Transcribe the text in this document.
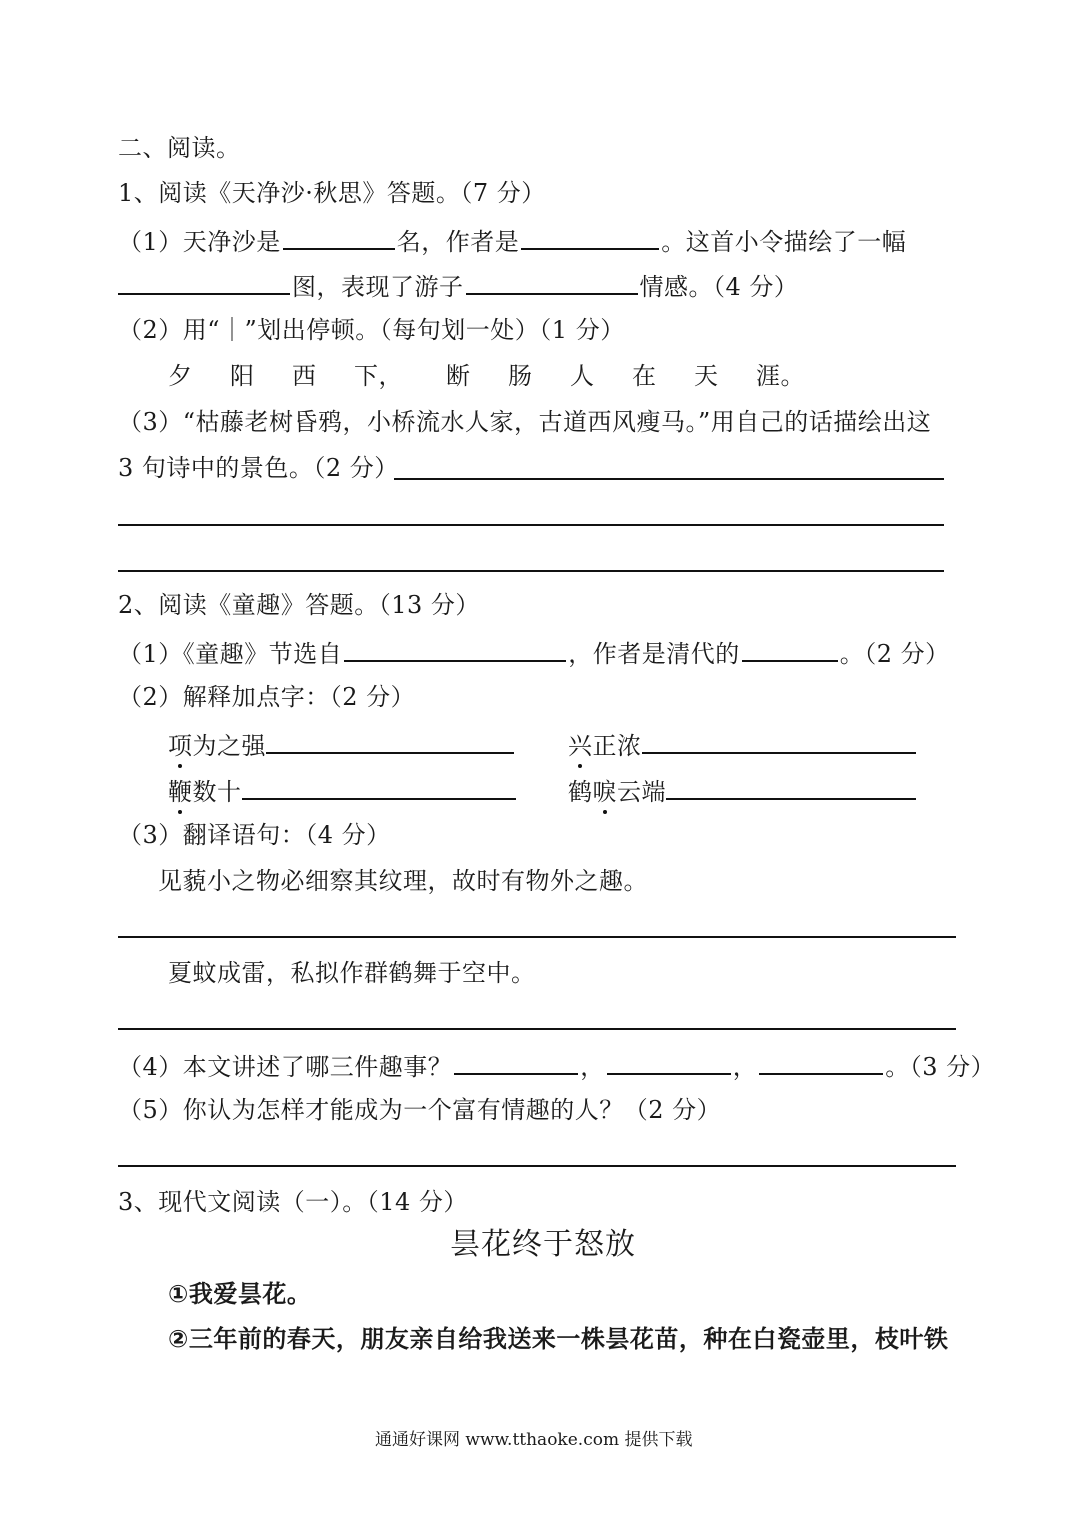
二、阅读。
1、阅读《天净沙·秋思》答题。（7 分）
（1）天净沙是	名，作者是	。这首小令描绘了一幅
图，表现了游子	情感。（4 分）
（2）用“｜”划出停顿。（每句划一处）（1 分）
夕 阳 西 下， 断 肠 人 在 天 涯。
（3）“枯藤老树昏鸦，小桥流水人家，古道西风瘦马。”用自己的话描绘出这
3 句诗中的景色。（2 分）
2、阅读《童趣》答题。（13 分）
（1）《童趣》节选自	，作者是清代的	。（2 分）
（2）解释加点字：（2 分）
项为之强	兴正浓
鞭数十	鹤唳云端
（3）翻译语句：（4 分）
见藐小之物必细察其纹理，故时有物外之趣。
夏蚊成雷，私拟作群鹤舞于空中。
（4）本文讲述了哪三件趣事？	，	，	。（3 分）
（5）你认为怎样才能成为一个富有情趣的人？（2 分）
3、现代文阅读（一）。（14 分）
昙花终于怒放
①我爱昙花。
②三年前的春天，朋友亲自给我送来一株昙花苗，种在白瓷壶里，枝叶铁
通通好课网 www.tthaoke.com 提供下载
